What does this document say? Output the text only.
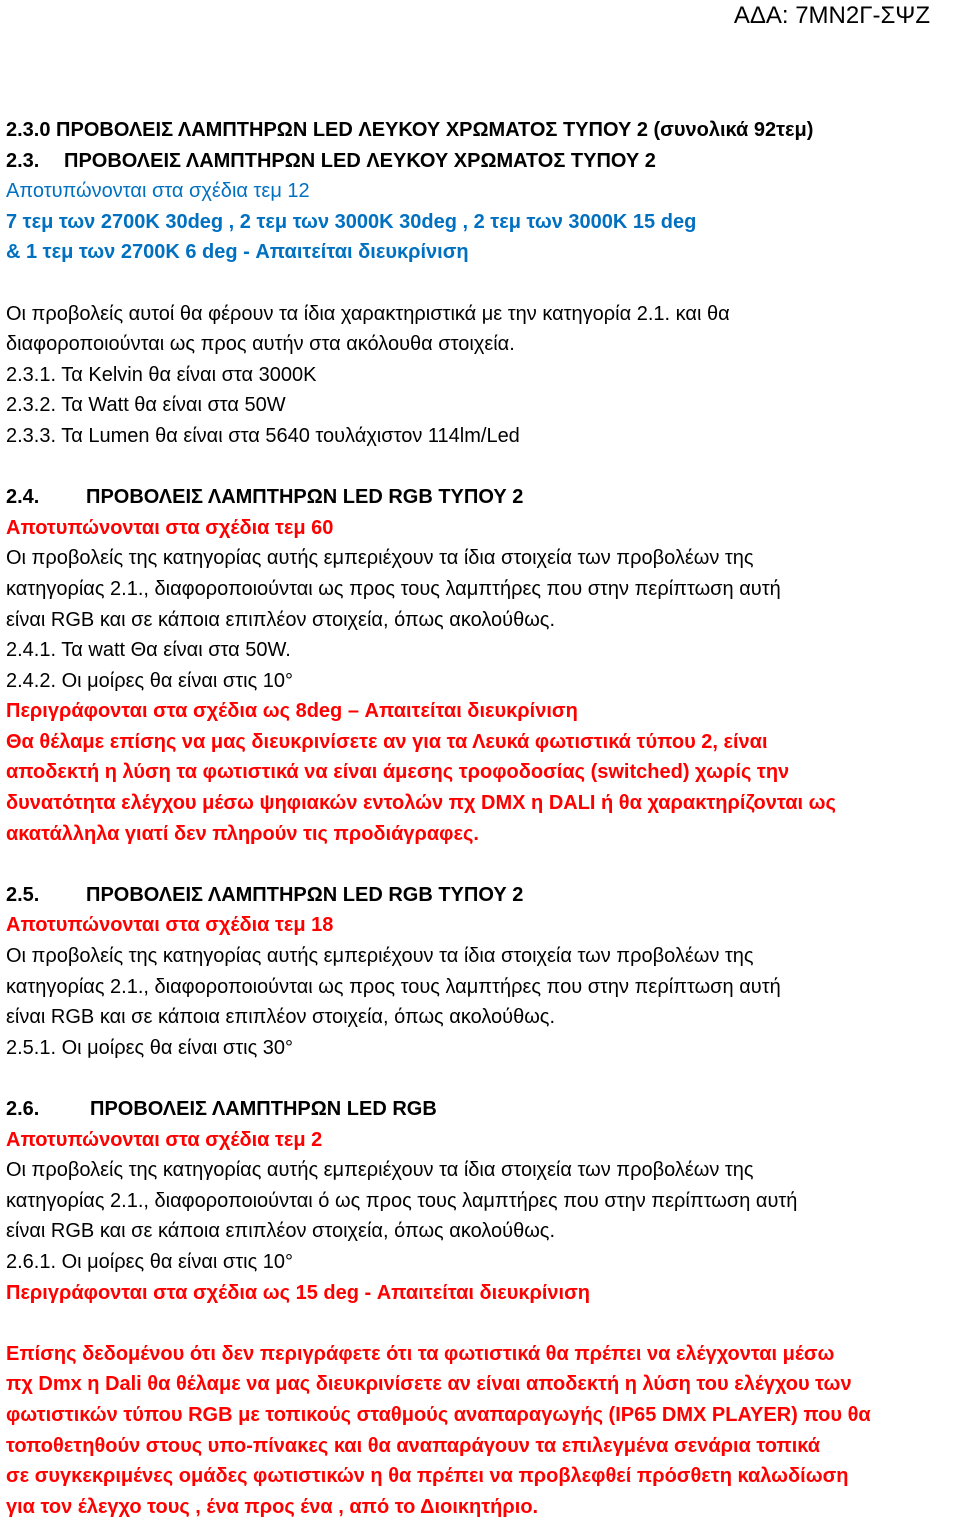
ΑΔΑ: 7ΜΝ2Γ-ΣΨΖ
2.3.0 ΠΡΟΒΟΛΕΙΣ ΛΑΜΠΤΗΡΩΝ LED ΛΕΥΚΟΥ ΧΡΩΜΑΤΟΣ ΤΥΠΟΥ 2 (συνολικά 92τεμ)
2.3. ΠΡΟΒΟΛΕΙΣ ΛΑΜΠΤΗΡΩΝ LED ΛΕΥΚΟΥ ΧΡΩΜΑΤΟΣ ΤΥΠΟΥ 2
Αποτυπώνονται στα σχέδια τεμ 12
7 τεμ των 2700Κ 30deg , 2 τεμ των 3000Κ 30deg , 2 τεμ των 3000Κ 15 deg
& 1 τεμ των 2700Κ 6 deg - Απαιτείται διευκρίνιση
Οι προβολείς αυτοί θα φέρουν τα ίδια χαρακτηριστικά με την κατηγορία 2.1. και θα
διαφοροποιούνται ως προς αυτήν στα ακόλουθα στοιχεία.
2.3.1. Τα Kelvin θα είναι στα 3000Κ
2.3.2. Τα Watt θα είναι στα 50W
2.3.3. Τα Lumen θα είναι στα 5640 τουλάχιστον 114lm/Led
2.4. ΠΡΟΒΟΛΕΙΣ ΛΑΜΠΤΗΡΩΝ LED RGB ΤΥΠΟΥ 2
Αποτυπώνονται στα σχέδια τεμ 60
Οι προβολείς της κατηγορίας αυτής εμπεριέχουν τα ίδια στοιχεία των προβολέων της
κατηγορίας 2.1., διαφοροποιούνται ως προς τους λαμπτήρες που στην περίπτωση αυτή
είναι RGB και σε κάποια επιπλέον στοιχεία, όπως ακολούθως.
2.4.1. Τα watt Θα είναι στα 50W.
2.4.2. Οι μοίρες θα είναι στις 10°
Περιγράφονται στα σχέδια ως 8deg – Απαιτείται διευκρίνιση
Θα θέλαμε επίσης να μας διευκρινίσετε αν για τα Λευκά φωτιστικά τύπου 2, είναι
αποδεκτή η λύση τα φωτιστικά να είναι άμεσης τροφοδοσίας (switched) χωρίς την
δυνατότητα ελέγχου μέσω ψηφιακών εντολών πχ DMX η DALI ή θα χαρακτηρίζονται ως
ακατάλληλα γιατί δεν πληρούν τις προδιάγραφες.
2.5. ΠΡΟΒΟΛΕΙΣ ΛΑΜΠΤΗΡΩΝ LED RGB ΤΥΠΟΥ 2
Αποτυπώνονται στα σχέδια τεμ 18
Οι προβολείς της κατηγορίας αυτής εμπεριέχουν τα ίδια στοιχεία των προβολέων της
κατηγορίας 2.1., διαφοροποιούνται ως προς τους λαμπτήρες που στην περίπτωση αυτή
είναι RGB και σε κάποια επιπλέον στοιχεία, όπως ακολούθως.
2.5.1. Οι μοίρες θα είναι στις 30°
2.6.	ΠΡΟΒΟΛΕΙΣ ΛΑΜΠΤΗΡΩΝ LED RGB
Αποτυπώνονται στα σχέδια τεμ 2
Οι προβολείς της κατηγορίας αυτής εμπεριέχουν τα ίδια στοιχεία των προβολέων της
κατηγορίας 2.1., διαφοροποιούνται ό ως προς τους λαμπτήρες που στην περίπτωση αυτή
είναι RGB και σε κάποια επιπλέον στοιχεία, όπως ακολούθως.
2.6.1. Οι μοίρες θα είναι στις 10°
Περιγράφονται στα σχέδια ως 15 deg - Απαιτείται διευκρίνιση
Επίσης δεδομένου ότι δεν περιγράφετε ότι τα φωτιστικά θα πρέπει να ελέγχονται μέσω
πχ Dmx η Dali θα θέλαμε να μας διευκρινίσετε αν είναι αποδεκτή η λύση του ελέγχου των
φωτιστικών τύπου RGB με τοπικούς σταθμούς αναπαραγωγής (IP65 DMX PLAYER) που θα
τοποθετηθούν στους υπο-πίνακες και θα αναπαράγουν τα επιλεγμένα σενάρια τοπικά
σε συγκεκριμένες ομάδες φωτιστικών η θα πρέπει να προβλεφθεί πρόσθετη καλωδίωση
για τον έλεγχο τους , ένα προς ένα , από το Διοικητήριο.
